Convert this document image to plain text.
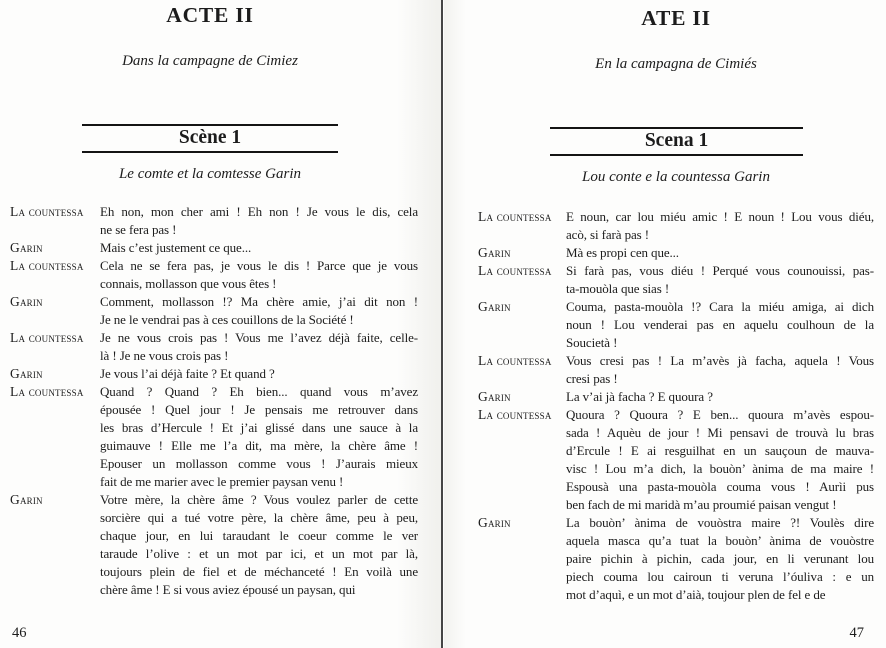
ACTE II
Dans la campagne de Cimiez
Scène 1
Le comte et la comtesse Garin
La countessa	Eh non, mon cher ami ! Eh non ! Je vous le dis, cela
ne se fera pas !
Garin	Mais c’est justement ce que...
La countessa	Cela ne se fera pas, je vous le dis ! Parce que je vous
connais, mollasson que vous êtes !
Garin	Comment, mollasson !? Ma chère amie, j’ai dit non !
Je ne le vendrai pas à ces couillons de la Société !
La countessa	Je ne vous crois pas ! Vous me l’avez déjà faite, celle-
là ! Je ne vous crois pas !
Garin	Je vous l’ai déjà faite ? Et quand ?
La countessa	Quand ? Quand ? Eh bien... quand vous m’avez
épousée ! Quel jour ! Je pensais me retrouver dans
les bras d’Hercule ! Et j’ai glissé dans une sauce à la
guimauve ! Elle me l’a dit, ma mère, la chère âme !
Epouser un mollasson comme vous ! J’aurais mieux
fait de me marier avec le premier paysan venu !
Garin	Votre mère, la chère âme ? Vous voulez parler de cette
sorcière qui a tué votre père, la chère âme, peu à peu,
chaque jour, en lui taraudant le coeur comme le ver
taraude l’olive : et un mot par ici, et un mot par là,
toujours plein de fiel et de méchanceté ! En voilà une
chère âme ! E si vous aviez épousé un paysan, qui
46
ATE II
En la campagna de Cimiés
Scena 1
Lou conte e la countessa Garin
La countessa	E noun, car lou miéu amic ! E noun ! Lou vous diéu,
acò, si farà pas !
Garin	Mà es propi cen que...
La countessa	Si farà pas, vous diéu ! Perqué vous counouissi, pas-
ta-mouòla que sias !
Garin	Couma, pasta-mouòla !? Cara la miéu amiga, ai dich
noun ! Lou venderai pas en aquelu coulhoun de la
Soucietà !
La countessa	Vous cresi pas ! La m’avès jà facha, aquela ! Vous
cresi pas !
Garin	La v’ai jà facha ? E quoura ?
La countessa	Quoura ? Quoura ? E ben... quoura m’avès espou-
sada ! Aquèu de jour ! Mi pensavi de trouvà lu bras
d’Ercule ! E ai resguilhat en un sauçoun de mauva-
visc ! Lou m’a dich, la bouòn’ ànima de ma maire !
Espousà una pasta-mouòla couma vous ! Aurìi pus
ben fach de mi maridà m’au proumié paisan vengut !
Garin	La bouòn’ ànima de vouòstra maire ?! Voulès dire
aquela masca qu’a tuat la bouòn’ ànima de vouòstre
paire pichin à pichin, cada jour, en li verunant lou
piech couma lou cairoun ti veruna l’óuliva : e un
mot d’aquì, e un mot d’aià, toujour plen de fel e de
47
